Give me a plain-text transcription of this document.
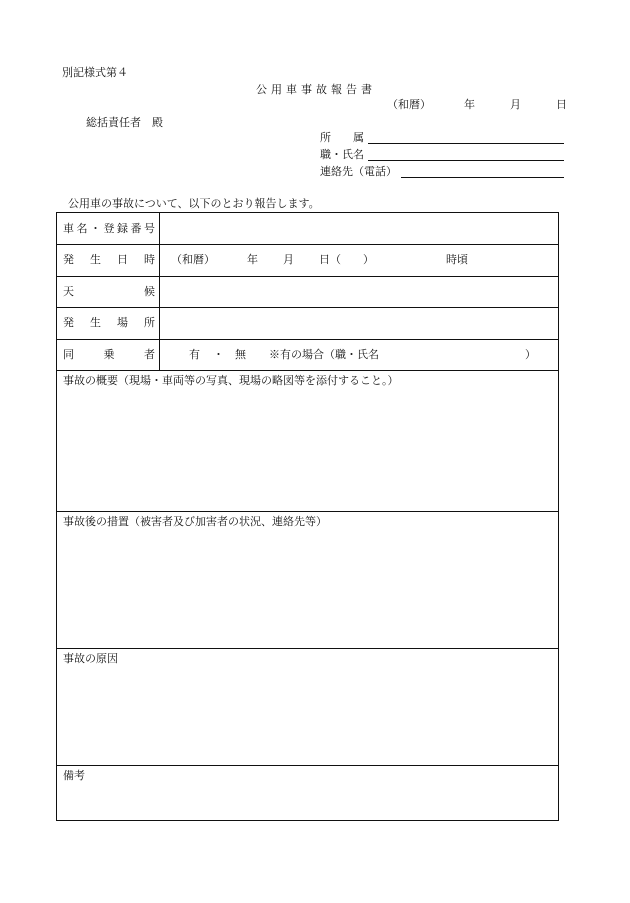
別記様式第４
公用車事故報告書
（和暦）	年	月	日
総括責任者　殿
所　　属
職・氏名
連絡先（電話）
公用車の事故について、以下のとおり報告します。
車 名 ・ 登 録 番 号
発 生 日 時 （和暦）	年 月 日（　　）	時頃
天	候
発 生 場 所
同	乗	者	有 ・ 無 ※有の場合（職・氏名	）
事故の概要（現場・車両等の写真、現場の略図等を添付すること。）
事故後の措置（被害者及び加害者の状況、連絡先等）
事故の原因
備考
